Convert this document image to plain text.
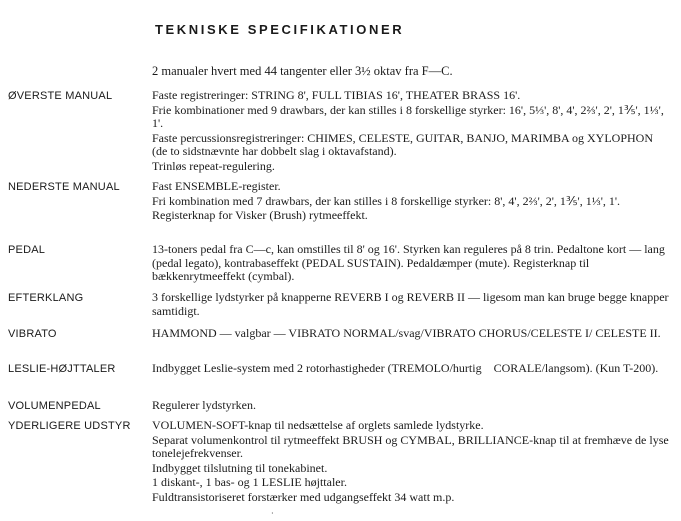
TEKNISKE SPECIFIKATIONER

2 manualer hvert med 44 tangenter eller 3½ oktav fra F—C.

ØVERSTE MANUAL	Faste registreringer: STRING 8', FULL TIBIAS 16', THEATER BRASS 16'.

Frie kombinationer med 9 drawbars, der kan stilles i 8 forskellige styrker: 16', 5⅓', 8', 4', 2⅔', 2', 1⅗', 1⅓', 1'.

Faste percussionsregistreringer: CHIMES, CELESTE, GUITAR, BANJO, MARIMBA og XYLOPHON (de to sidstnævnte har dobbelt slag i oktavafstand).

Trinløs repeat-regulering.

NEDERSTE MANUAL	Fast ENSEMBLE-register.

Fri kombination med 7 drawbars, der kan stilles i 8 forskellige styrker: 8', 4', 2⅔', 2', 1⅗', 1⅓', 1'.

Registerknap for Visker (Brush) rytmeeffekt.

PEDAL	13-toners pedal fra C—c, kan omstilles til 8' og 16'. Styrken kan reguleres på 8 trin. Pedaltone kort — lang (pedal legato), kontrabaseffekt (PEDAL SUSTAIN). Pedaldæmper (mute). Registerknap til bækkenrytmeeffekt (cymbal).

EFTERKLANG	3 forskellige lydstyrker på knapperne REVERB I og REVERB II — ligesom man kan bruge begge knapper samtidigt.

VIBRATO	HAMMOND — valgbar — VIBRATO NORMAL/svag/VIBRATO CHORUS/CELESTE I/ CELESTE II.

LESLIE-HØJTTALER	Indbygget Leslie-system med 2 rotorhastigheder (TREMOLO/hurtig    CORALE/langsom). (Kun T-200).

VOLUMENPEDAL	Regulerer lydstyrken.

YDERLIGERE UDSTYR	VOLUMEN-SOFT-knap til nedsættelse af orglets samlede lydstyrke.

Separat volumenkontrol til rytmeeffekt BRUSH og CYMBAL, BRILLIANCE-knap til at fremhæve de lyse tonelejefrekvenser.

Indbygget tilslutning til tonekabinet.

1 diskant-, 1 bas- og 1 LESLIE højttaler.

Fuldtransistoriseret forstærker med udgangseffekt 34 watt m.p.

·
